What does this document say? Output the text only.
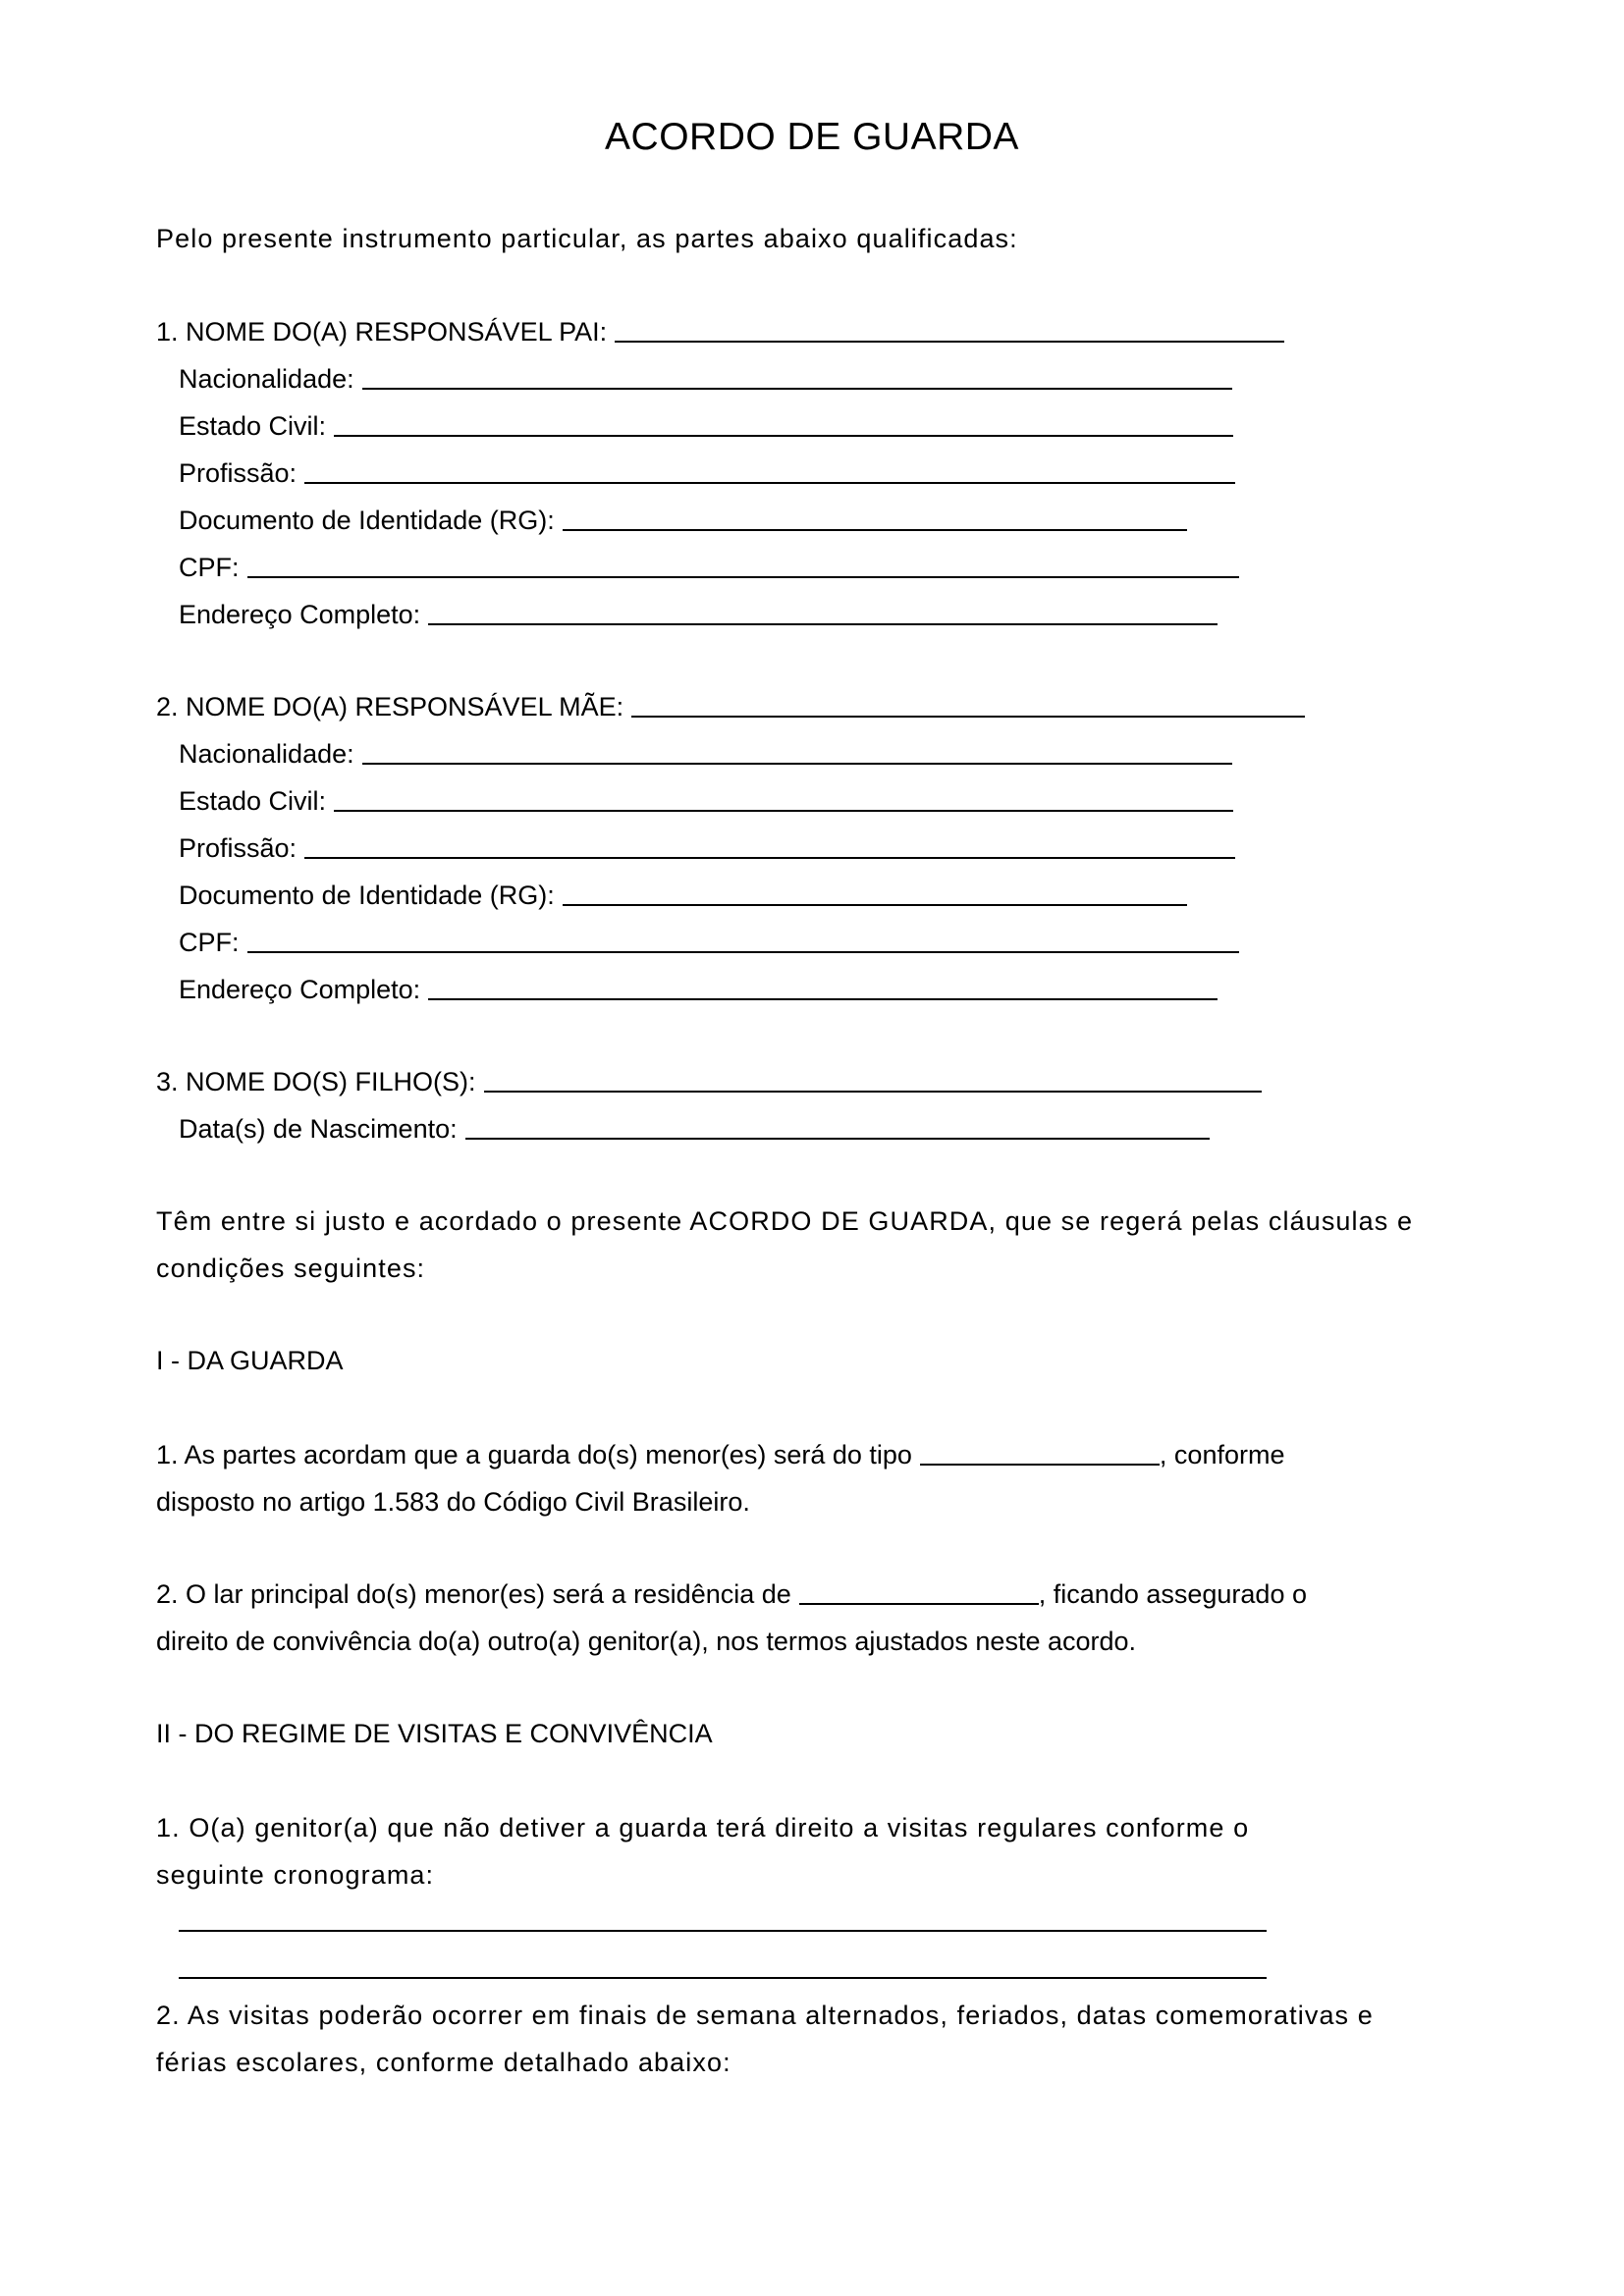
ACORDO DE GUARDA
Pelo presente instrumento particular, as partes abaixo qualificadas:
1. NOME DO(A) RESPONSÁVEL PAI:
Nacionalidade:
Estado Civil:
Profissão:
Documento de Identidade (RG):
CPF:
Endereço Completo:
2. NOME DO(A) RESPONSÁVEL MÃE:
Nacionalidade:
Estado Civil:
Profissão:
Documento de Identidade (RG):
CPF:
Endereço Completo:
3. NOME DO(S) FILHO(S):
Data(s) de Nascimento:
Têm entre si justo e acordado o presente ACORDO DE GUARDA, que se regerá pelas cláusulas e
condições seguintes:
I - DA GUARDA
1. As partes acordam que a guarda do(s) menor(es) será do tipo	, conforme
disposto no artigo 1.583 do Código Civil Brasileiro.
2. O lar principal do(s) menor(es) será a residência de	, ficando assegurado o
direito de convivência do(a) outro(a) genitor(a), nos termos ajustados neste acordo.
II - DO REGIME DE VISITAS E CONVIVÊNCIA
1. O(a) genitor(a) que não detiver a guarda terá direito a visitas regulares conforme o
seguinte cronograma:
2. As visitas poderão ocorrer em finais de semana alternados, feriados, datas comemorativas e
férias escolares, conforme detalhado abaixo:
